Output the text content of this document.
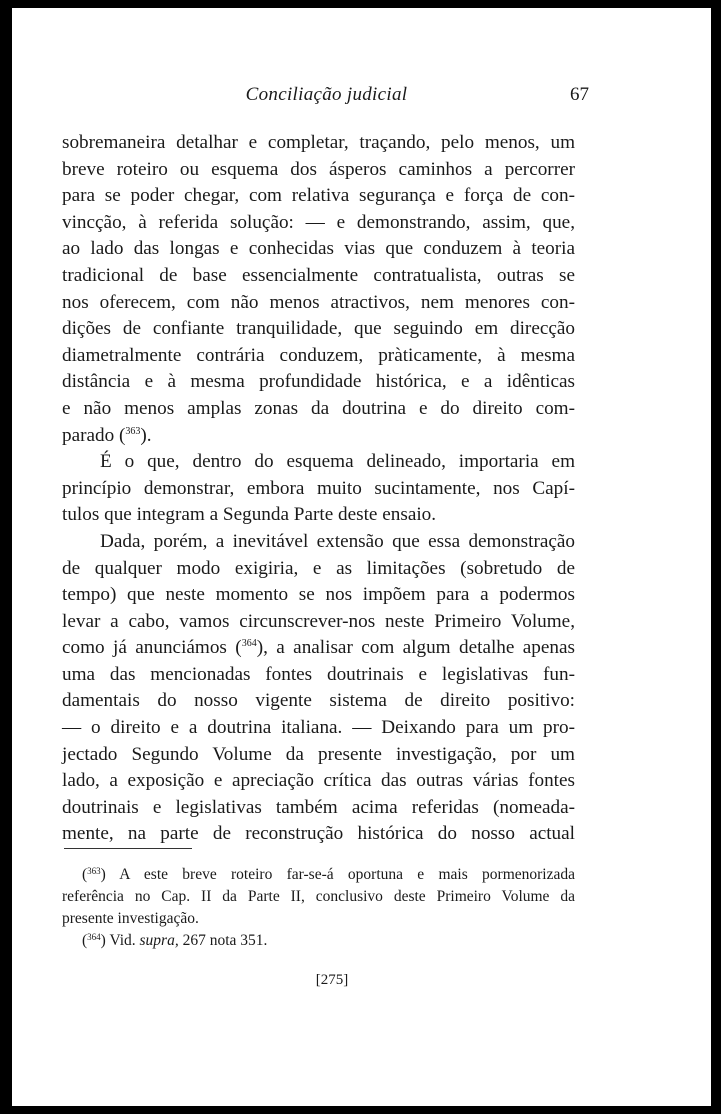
Conciliação judicial	67
sobremaneira detalhar e completar, traçando, pelo menos, um
breve roteiro ou esquema dos ásperos caminhos a percorrer
para se poder chegar, com relativa segurança e força de con-
vincção, à referida solução: — e demonstrando, assim, que,
ao lado das longas e conhecidas vias que conduzem à teoria
tradicional de base essencialmente contratualista, outras se
nos oferecem, com não menos atractivos, nem menores con-
dições de confiante tranquilidade, que seguindo em direcção
diametralmente contrária conduzem, pràticamente, à mesma
distância e à mesma profundidade histórica, e a idênticas
e não menos amplas zonas da doutrina e do direito com-
parado ($^{363}$).
É o que, dentro do esquema delineado, importaria em
princípio demonstrar, embora muito sucintamente, nos Capí-
tulos que integram a Segunda Parte deste ensaio.
Dada, porém, a inevitável extensão que essa demonstração
de qualquer modo exigiria, e as limitações (sobretudo de
tempo) que neste momento se nos impõem para a podermos
levar a cabo, vamos circunscrever-nos neste Primeiro Volume,
como já anunciámos ($^{364}$), a analisar com algum detalhe apenas
uma das mencionadas fontes doutrinais e legislativas fun-
damentais do nosso vigente sistema de direito positivo:
— o direito e a doutrina italiana. — Deixando para um pro-
jectado Segundo Volume da presente investigação, por um
lado, a exposição e apreciação crítica das outras várias fontes
doutrinais e legislativas também acima referidas (nomeada-
mente, na parte de reconstrução histórica do nosso actual
($^{363}$) A este breve roteiro far-se-á oportuna e mais pormenorizada
referência no Cap. II da Parte II, conclusivo deste Primeiro Volume da
presente investigação.
($^{364}$) Vid. supra, 267 nota 351.
[275]
